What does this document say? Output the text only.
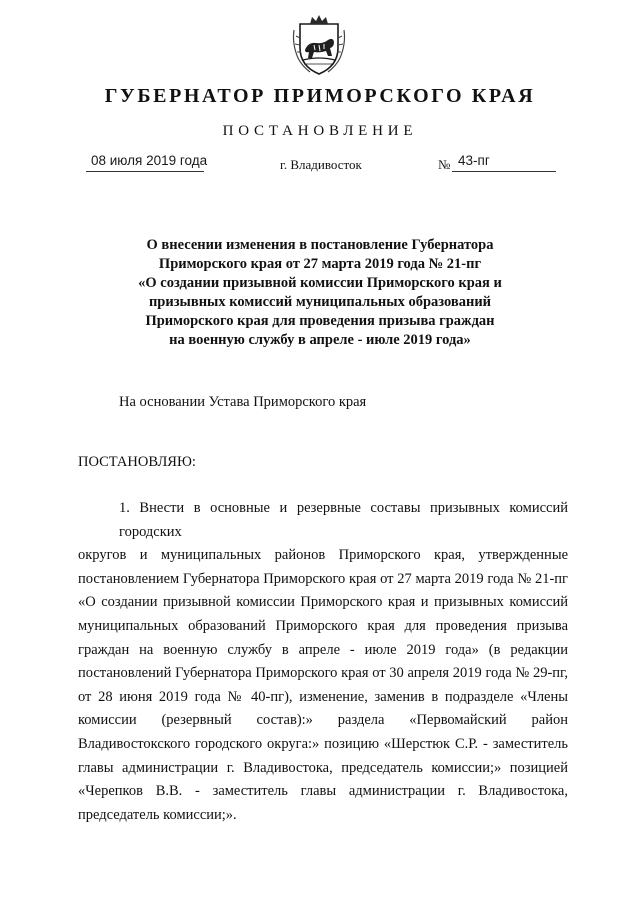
ГУБЕРНАТОР ПРИМОРСКОГО КРАЯ
ПОСТАНОВЛЕНИЕ
08 июля 2019 года	г. Владивосток	№ 43-пг
О внесении изменения в постановление Губернатора
Приморского края от 27 марта 2019 года № 21-пг
«О создании призывной комиссии Приморского края и
призывных комиссий муниципальных образований
Приморского края для проведения призыва граждан
на военную службу в апреле - июле 2019 года»
На основании Устава Приморского края
ПОСТАНОВЛЯЮ:
1. Внести в основные и резервные составы призывных комиссий городских
округов и муниципальных районов Приморского края, утвержденные
постановлением Губернатора Приморского края от 27 марта 2019 года № 21-пг
«О создании призывной комиссии Приморского края и призывных комиссий
муниципальных образований Приморского края для проведения призыва
граждан на военную службу в апреле - июле 2019 года» (в редакции
постановлений Губернатора Приморского края от 30 апреля 2019 года № 29-пг,
от 28 июня 2019 года № 40-пг), изменение, заменив в подразделе «Члены
комиссии (резервный состав):» раздела «Первомайский район
Владивостокского городского округа:» позицию «Шерстюк С.Р. - заместитель
главы администрации г. Владивостока, председатель комиссии;» позицией
«Черепков В.В. - заместитель главы администрации г. Владивостока,
председатель комиссии;».
